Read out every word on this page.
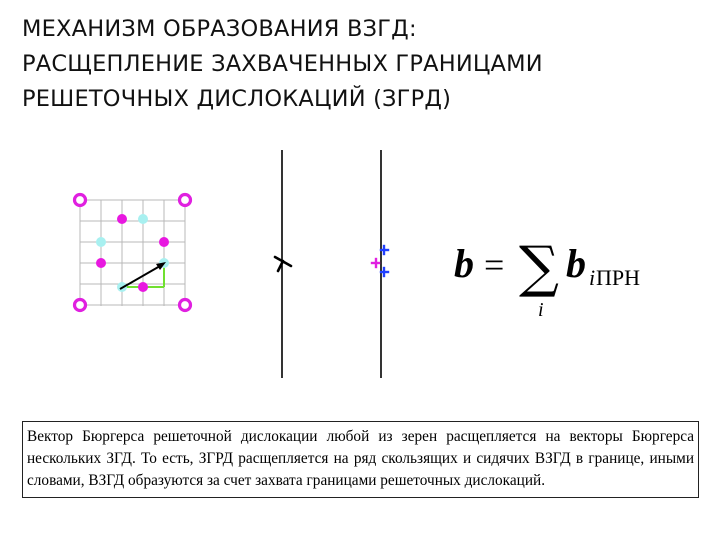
МЕХАНИЗМ ОБРАЗОВАНИЯ ВЗГД:
РАСЩЕПЛЕНИЕ ЗАХВАЧЕННЫХ ГРАНИЦАМИ
РЕШЕТОЧНЫХ ДИСЛОКАЦИЙ (ЗГРД)
b = ∑
i
b i ПРН
Вектор Бюргерса решеточной дислокации любой из зерен расщепляется на векторы Бюргерса нескольких ЗГД. То есть, ЗГРД расщепляется на ряд скользящих и сидячих ВЗГД в границе, иными словами, ВЗГД образуются за счет захвата границами решеточных дислокаций.
